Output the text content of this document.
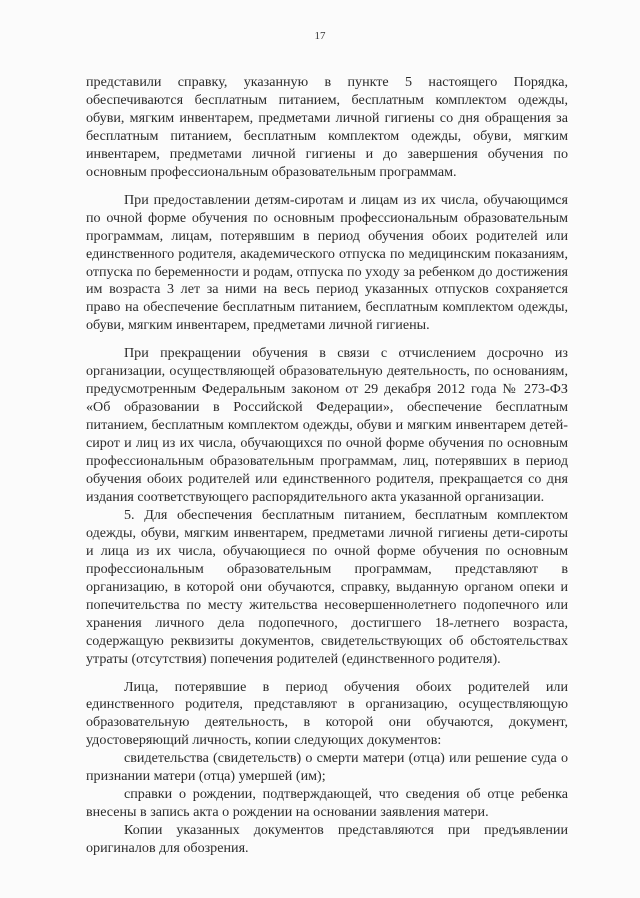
17

представили справку, указанную в пункте 5 настоящего Порядка, обеспечиваются бесплатным питанием, бесплатным комплектом одежды, обуви, мягким инвентарем, предметами личной гигиены со дня обращения за бесплатным питанием, бесплатным комплектом одежды, обуви, мягким инвентарем, предметами личной гигиены и до завершения обучения по основным профессиональным образовательным программам.

При предоставлении детям-сиротам и лицам из их числа, обучающимся по очной форме обучения по основным профессиональным образовательным программам, лицам, потерявшим в период обучения обоих родителей или единственного родителя, академического отпуска по медицинским показаниям, отпуска по беременности и родам, отпуска по уходу за ребенком до достижения им возраста 3 лет за ними на весь период указанных отпусков сохраняется право на обеспечение бесплатным питанием, бесплатным комплектом одежды, обуви, мягким инвентарем, предметами личной гигиены.

При прекращении обучения в связи с отчислением досрочно из организации, осуществляющей образовательную деятельность, по основаниям, предусмотренным Федеральным законом от 29 декабря 2012 года № 273-ФЗ «Об образовании в Российской Федерации», обеспечение бесплатным питанием, бесплатным комплектом одежды, обуви и мягким инвентарем детей-сирот и лиц из их числа, обучающихся по очной форме обучения по основным профессиональным образовательным программам, лиц, потерявших в период обучения обоих родителей или единственного родителя, прекращается со дня издания соответствующего распорядительного акта указанной организации.

5. Для обеспечения бесплатным питанием, бесплатным комплектом одежды, обуви, мягким инвентарем, предметами личной гигиены дети-сироты и лица из их числа, обучающиеся по очной форме обучения по основным профессиональным образовательным программам, представляют в организацию, в которой они обучаются, справку, выданную органом опеки и попечительства по месту жительства несовершеннолетнего подопечного или хранения личного дела подопечного, достигшего 18-летнего возраста, содержащую реквизиты документов, свидетельствующих об обстоятельствах утраты (отсутствия) попечения родителей (единственного родителя).

Лица, потерявшие в период обучения обоих родителей или единственного родителя, представляют в организацию, осуществляющую образовательную деятельность, в которой они обучаются, документ, удостоверяющий личность, копии следующих документов:

свидетельства (свидетельств) о смерти матери (отца) или решение суда о признании матери (отца) умершей (им);

справки о рождении, подтверждающей, что сведения об отце ребенка внесены в запись акта о рождении на основании заявления матери.

Копии указанных документов представляются при предъявлении оригиналов для обозрения.
